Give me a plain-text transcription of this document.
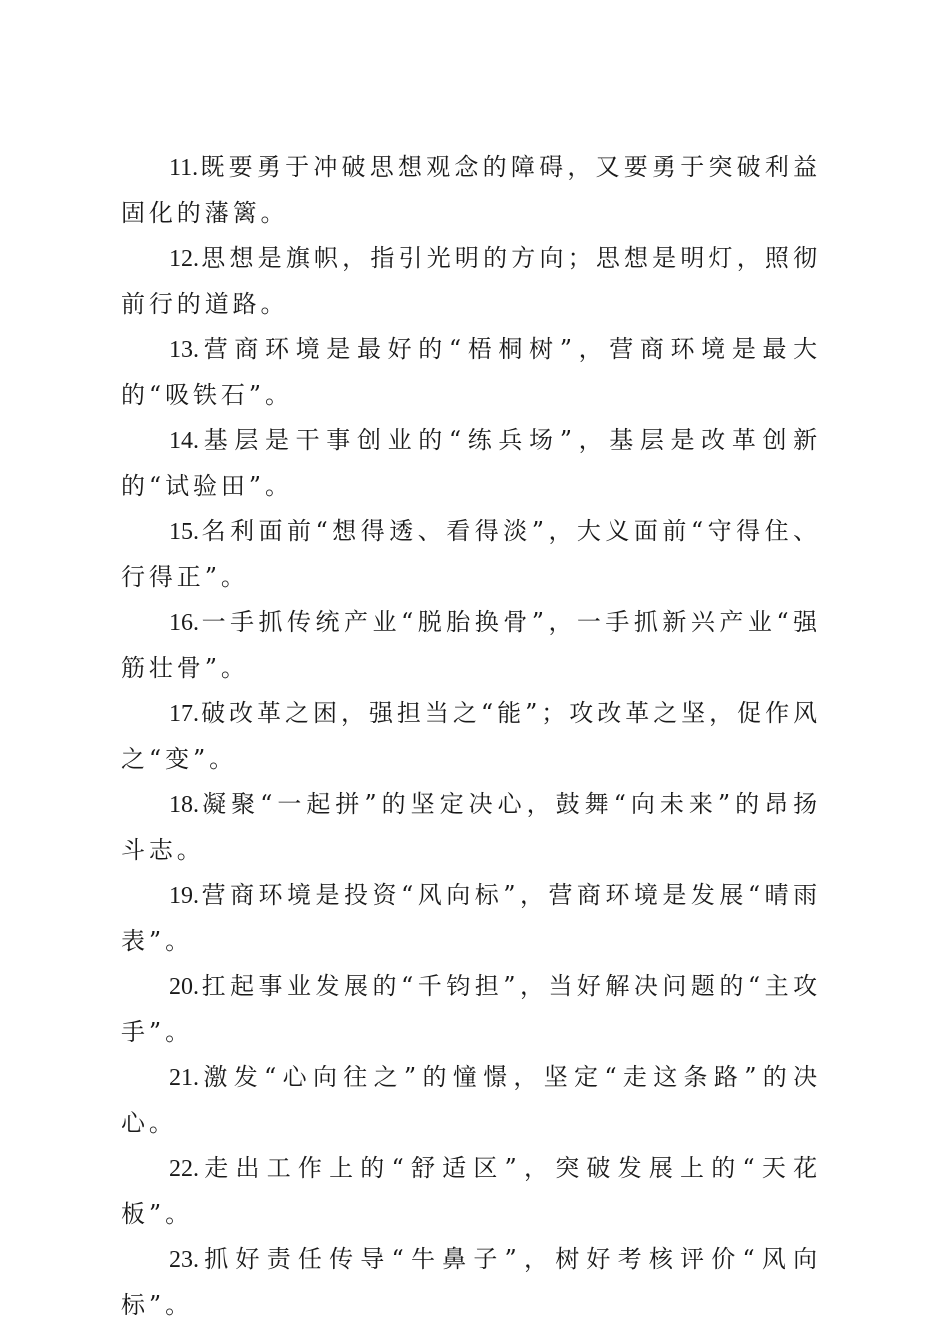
11.既要勇于冲破思想观念的障碍，又要勇于突破利益固化的藩篱。

12.思想是旗帜，指引光明的方向；思想是明灯，照彻前行的道路。

13.营商环境是最好的“梧桐树”，营商环境是最大的“吸铁石”。

14.基层是干事创业的“练兵场”，基层是改革创新的“试验田”。

15.名利面前“想得透、看得淡”，大义面前“守得住、行得正”。

16.一手抓传统产业“脱胎换骨”，一手抓新兴产业“强筋壮骨”。

17.破改革之困，强担当之“能”；攻改革之坚，促作风之“变”。

18.凝聚“一起拼”的坚定决心，鼓舞“向未来”的昂扬斗志。

19.营商环境是投资“风向标”，营商环境是发展“晴雨表”。

20.扛起事业发展的“千钧担”，当好解决问题的“主攻手”。

21.激发“心向往之”的憧憬，坚定“走这条路”的决心。

22.走出工作上的“舒适区”，突破发展上的“天花板”。

23.抓好责任传导“牛鼻子”，树好考核评价“风向标”。
